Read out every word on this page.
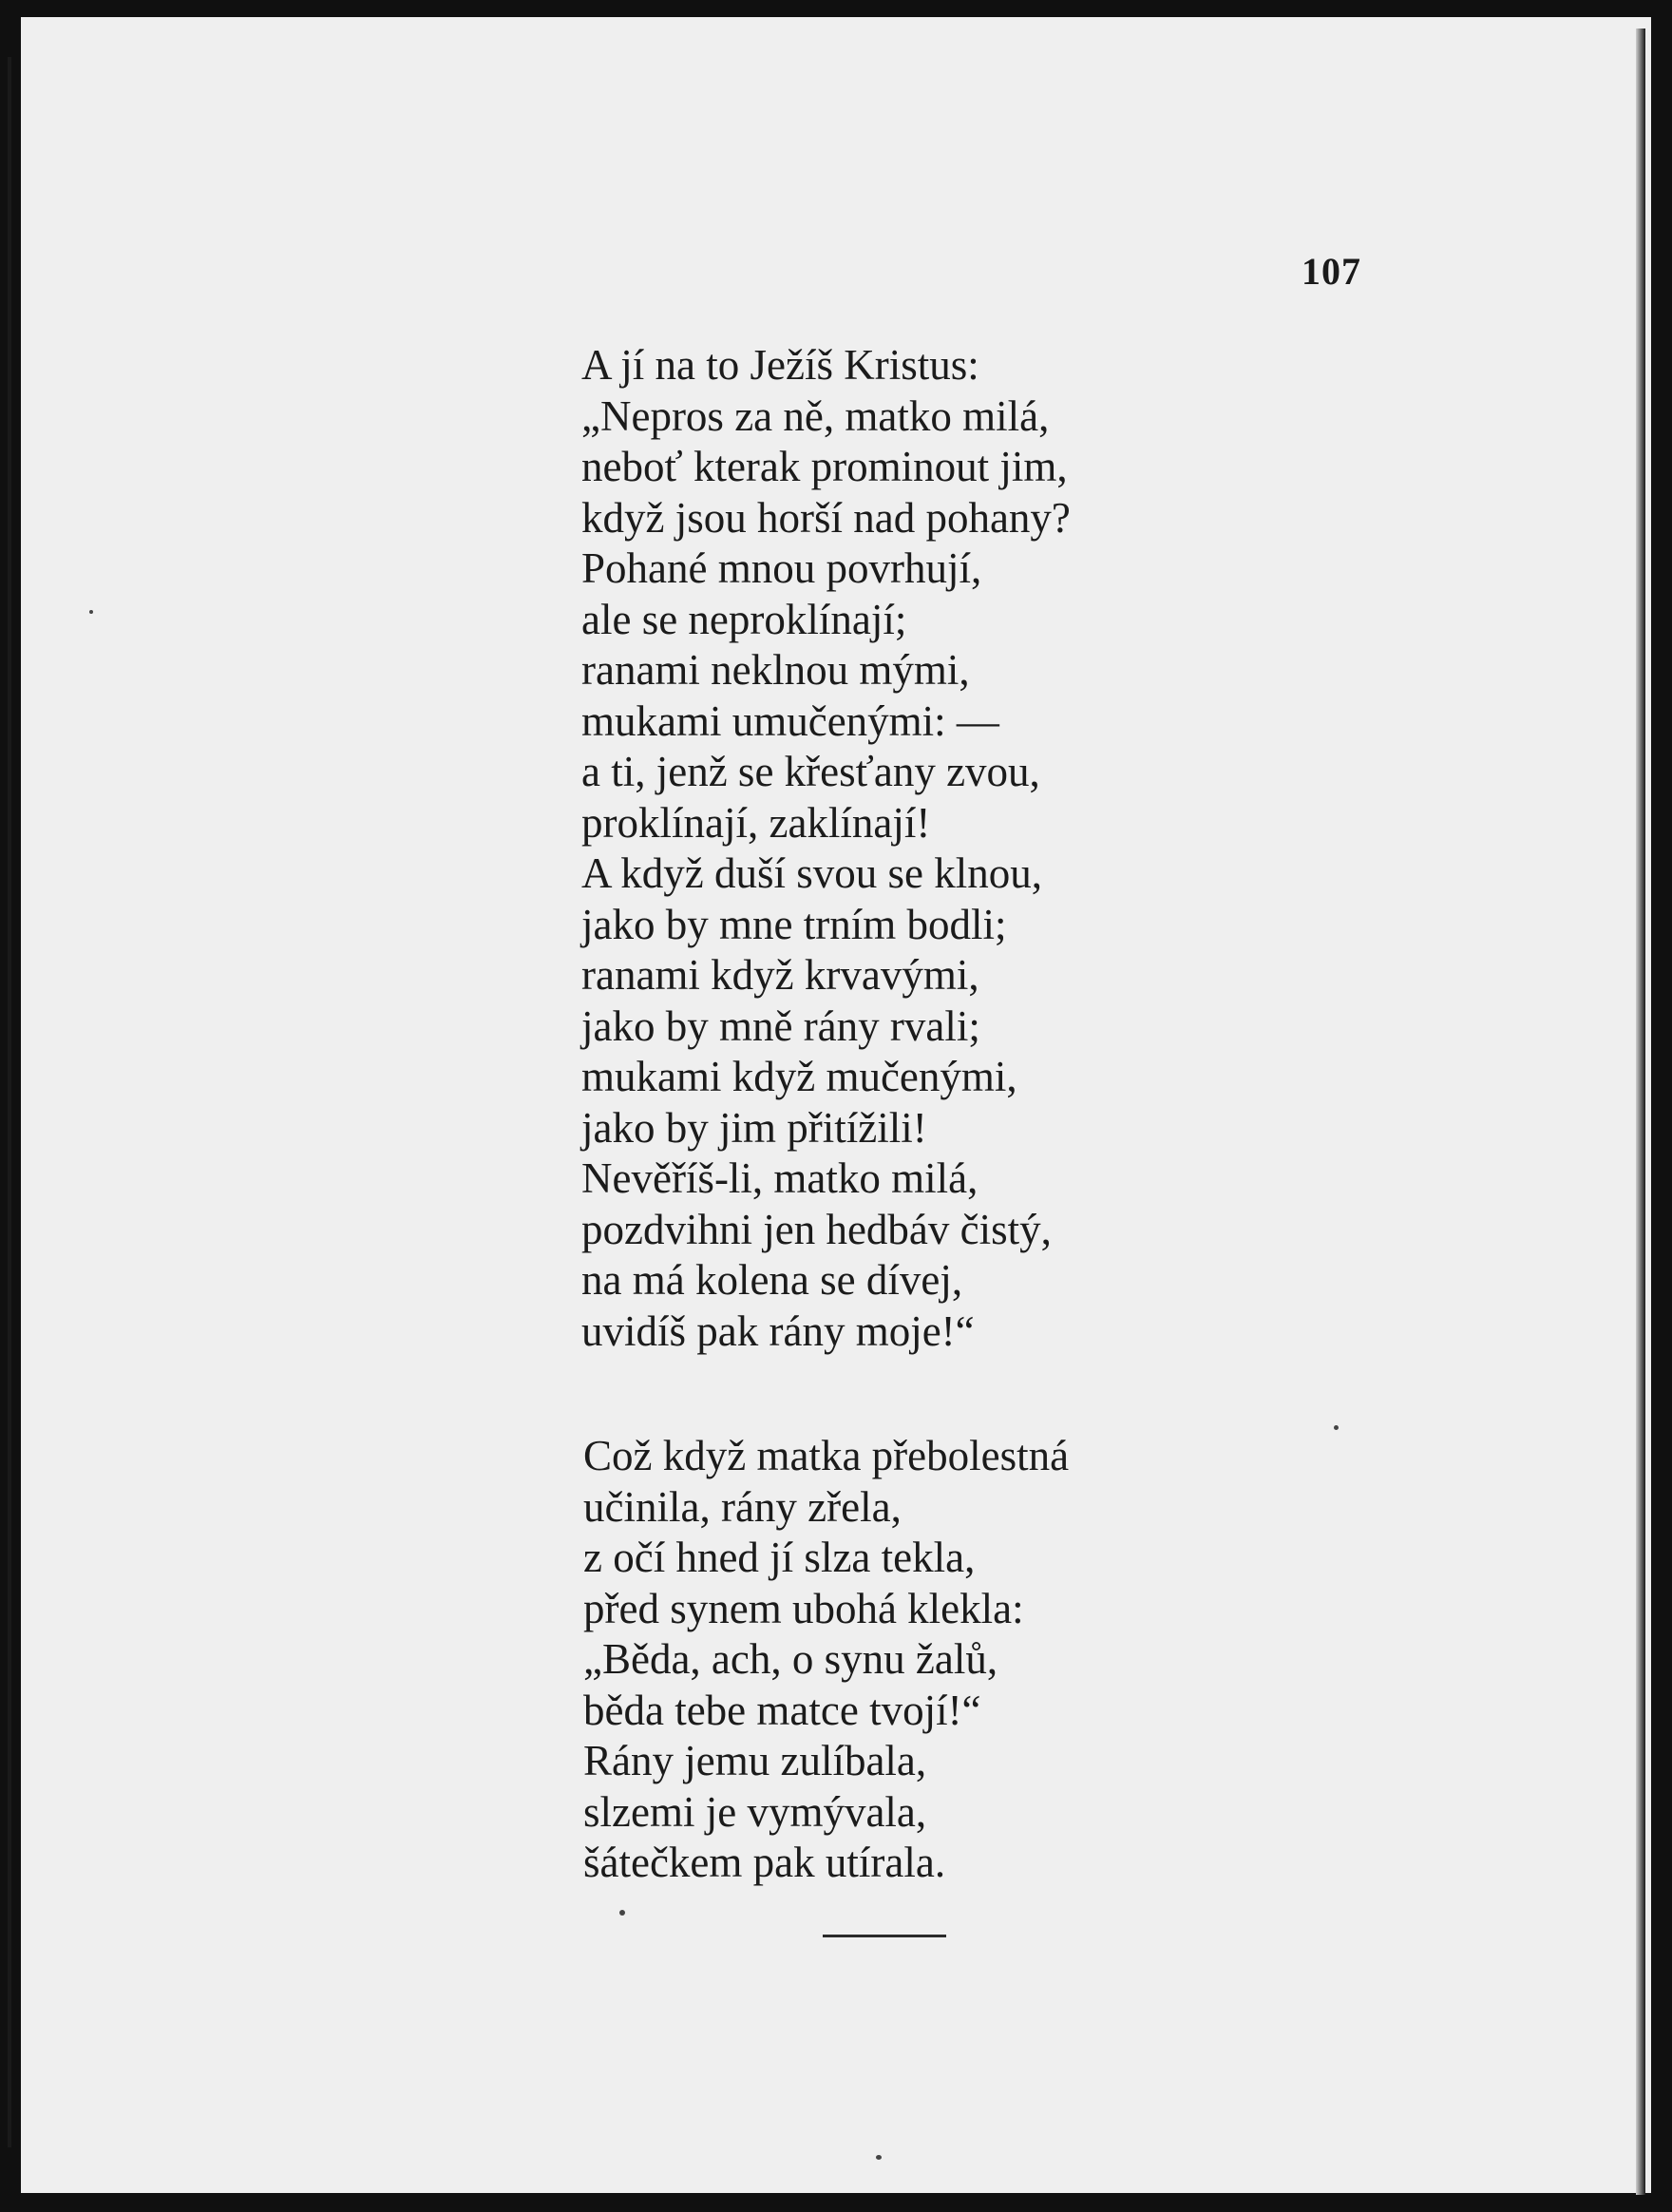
107
A jí na to Ježíš Kristus:
„Nepros za ně, matko milá,
neboť kterak prominout jim,
když jsou horší nad pohany?
Pohané mnou povrhují,
ale se neproklínají;
ranami neklnou mými,
mukami umučenými: —
a ti, jenž se křesťany zvou,
proklínají, zaklínají!
A když duší svou se klnou,
jako by mne trním bodli;
ranami když krvavými,
jako by mně rány rvali;
mukami když mučenými,
jako by jim přitížili!
Nevěříš-li, matko milá,
pozdvihni jen hedbáv čistý,
na má kolena se dívej,
uvidíš pak rány moje!“
Což když matka přebolestná
učinila, rány zřela,
z očí hned jí slza tekla,
před synem ubohá klekla:
„Běda, ach, o synu žalů,
běda tebe matce tvojí!“
Rány jemu zulíbala,
slzemi je vymývala,
šátečkem pak utírala.
